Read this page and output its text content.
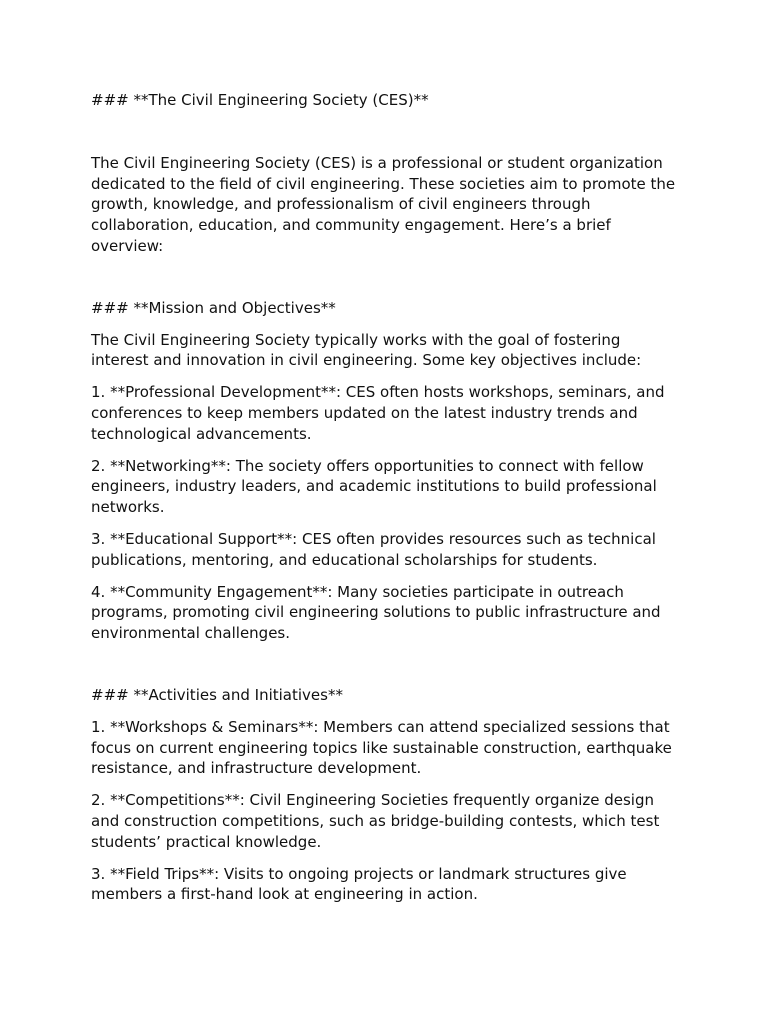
### **The Civil Engineering Society (CES)**

The Civil Engineering Society (CES) is a professional or student organization
dedicated to the field of civil engineering. These societies aim to promote the
growth, knowledge, and professionalism of civil engineers through
collaboration, education, and community engagement. Here’s a brief
overview:

### **Mission and Objectives**

The Civil Engineering Society typically works with the goal of fostering
interest and innovation in civil engineering. Some key objectives include:

1. **Professional Development**: CES often hosts workshops, seminars, and
conferences to keep members updated on the latest industry trends and
technological advancements.

2. **Networking**: The society offers opportunities to connect with fellow
engineers, industry leaders, and academic institutions to build professional
networks.

3. **Educational Support**: CES often provides resources such as technical
publications, mentoring, and educational scholarships for students.

4. **Community Engagement**: Many societies participate in outreach
programs, promoting civil engineering solutions to public infrastructure and
environmental challenges.

### **Activities and Initiatives**

1. **Workshops & Seminars**: Members can attend specialized sessions that
focus on current engineering topics like sustainable construction, earthquake
resistance, and infrastructure development.

2. **Competitions**: Civil Engineering Societies frequently organize design
and construction competitions, such as bridge-building contests, which test
students’ practical knowledge.

3. **Field Trips**: Visits to ongoing projects or landmark structures give
members a first-hand look at engineering in action.
